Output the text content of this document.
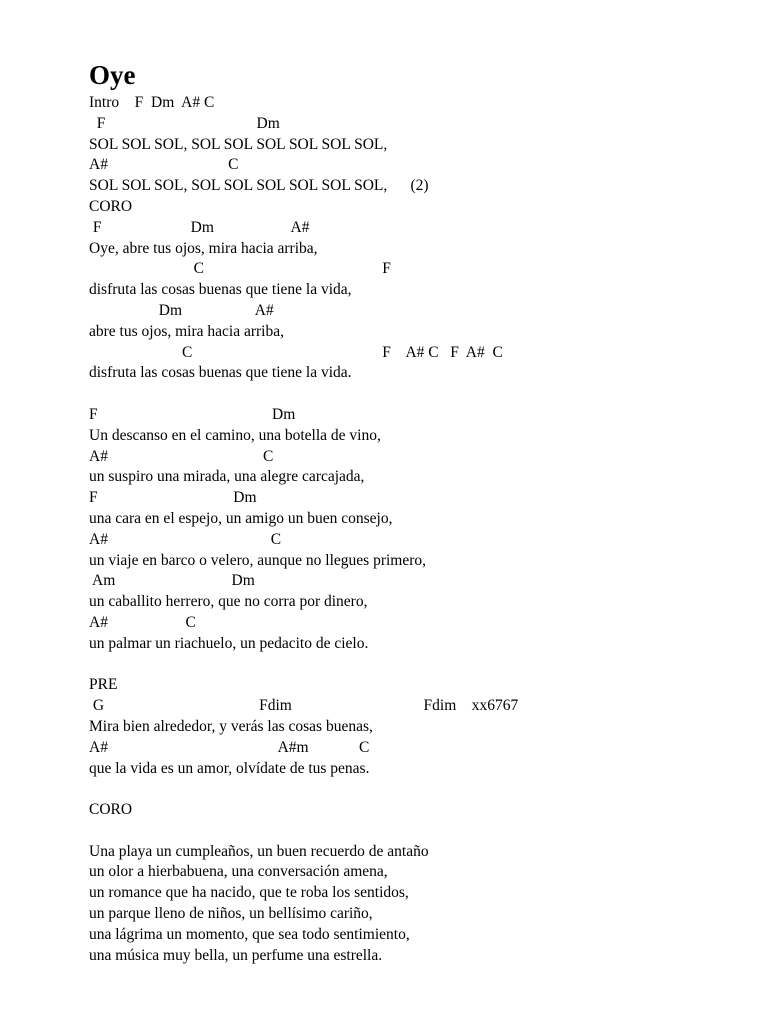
Oye
Intro    F  Dm  A# C
F                                       Dm
SOL SOL SOL, SOL SOL SOL SOL SOL SOL,
A#                               C
SOL SOL SOL, SOL SOL SOL SOL SOL SOL,      (2)
CORO
F                       Dm                    A#
Oye, abre tus ojos, mira hacia arriba,
C                                              F
disfruta las cosas buenas que tiene la vida,
Dm                   A#
abre tus ojos, mira hacia arriba,
C                                                 F    A# C   F  A#  C
disfruta las cosas buenas que tiene la vida.
F                                             Dm
Un descanso en el camino, una botella de vino,
A#                                        C
un suspiro una mirada, una alegre carcajada,
F                                   Dm
una cara en el espejo, un amigo un buen consejo,
A#                                          C
un viaje en barco o velero, aunque no llegues primero,
Am                              Dm
un caballito herrero, que no corra por dinero,
A#                    C
un palmar un riachuelo, un pedacito de cielo.
PRE
G                                        Fdim                                  Fdim    xx6767
Mira bien alrededor, y verás las cosas buenas,
A#                                            A#m             C
que la vida es un amor, olvídate de tus penas.
CORO
Una playa un cumpleaños, un buen recuerdo de antaño
un olor a hierbabuena, una conversación amena,
un romance que ha nacido, que te roba los sentidos,
un parque lleno de niños, un bellísimo cariño,
una lágrima un momento, que sea todo sentimiento,
una música muy bella, un perfume una estrella.
